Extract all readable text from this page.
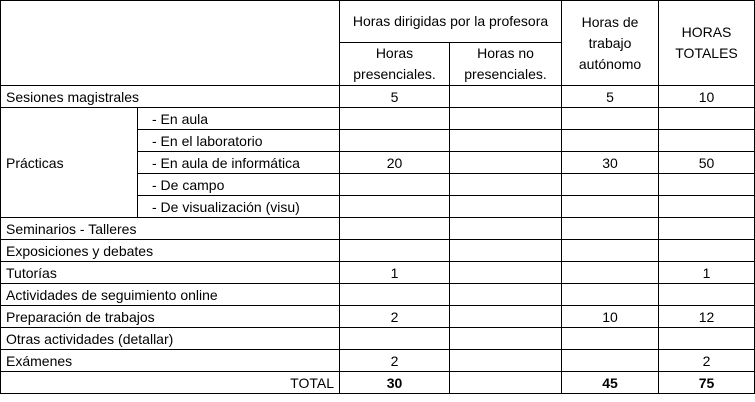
		Horas dirigidas por la profesora		Horas de trabajo autónomo	HORAS TOTALES
		Horas presenciales.	Horas no presenciales.		
Sesiones magistrales		5		5	10
Prácticas	- En aula				
	- En el laboratorio				
	- En aula de informática	20		30	50
	- De campo				
	- De visualización (visu)				
Seminarios - Talleres					
Exposiciones y debates					
Tutorías		1			1
Actividades de seguimiento online					
Preparación de trabajos		2		10	12
Otras actividades (detallar)					
Exámenes		2			2
TOTAL		30		45	75
